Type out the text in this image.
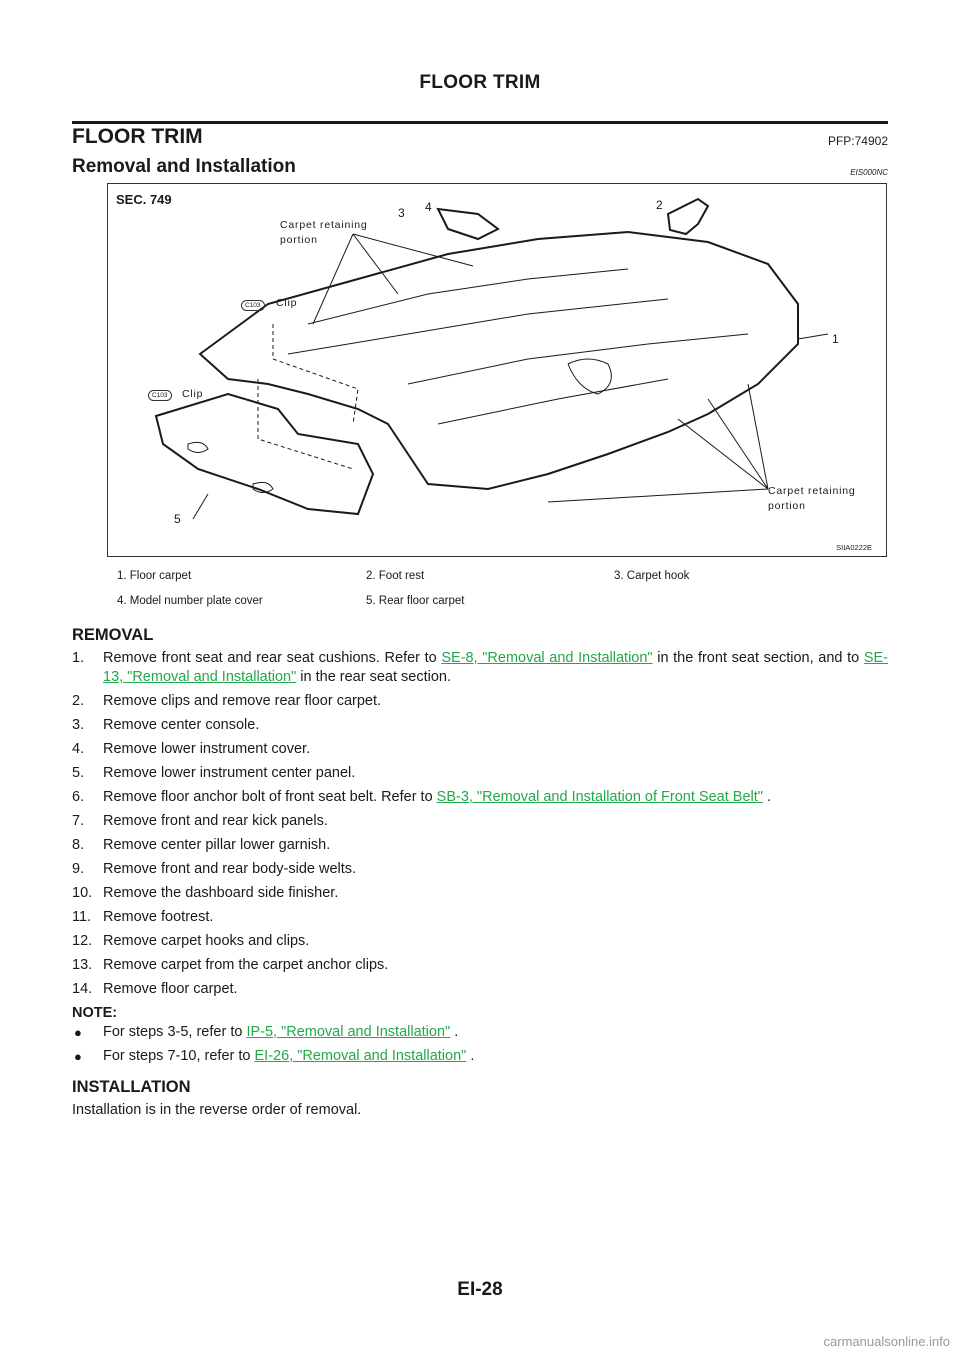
FLOOR TRIM
FLOOR TRIM	PFP:74902
Removal and Installation	EIS000NC
SEC. 749
Carpet retaining
portion
Carpet retaining
portion
C103	Clip
C103	Clip
1
2
3 4
5
SIIA0222E
1. Floor carpet	2. Foot rest	3. Carpet hook
4. Model number plate cover	5. Rear floor carpet
REMOVAL
1. Remove front seat and rear seat cushions. Refer to SE-8, "Removal and Installation" in the front seat section, and to SE-13, "Removal and Installation" in the rear seat section.
2. Remove clips and remove rear floor carpet.
3. Remove center console.
4. Remove lower instrument cover.
5. Remove lower instrument center panel.
6. Remove floor anchor bolt of front seat belt. Refer to SB-3, "Removal and Installation of Front Seat Belt" .
7. Remove front and rear kick panels.
8. Remove center pillar lower garnish.
9. Remove front and rear body-side welts.
10. Remove the dashboard side finisher.
11. Remove footrest.
12. Remove carpet hooks and clips.
13. Remove carpet from the carpet anchor clips.
14. Remove floor carpet.
NOTE:
● For steps 3-5, refer to IP-5, "Removal and Installation" .
● For steps 7-10, refer to EI-26, "Removal and Installation" .
INSTALLATION
Installation is in the reverse order of removal.
EI-28
carmanualsonline.info
